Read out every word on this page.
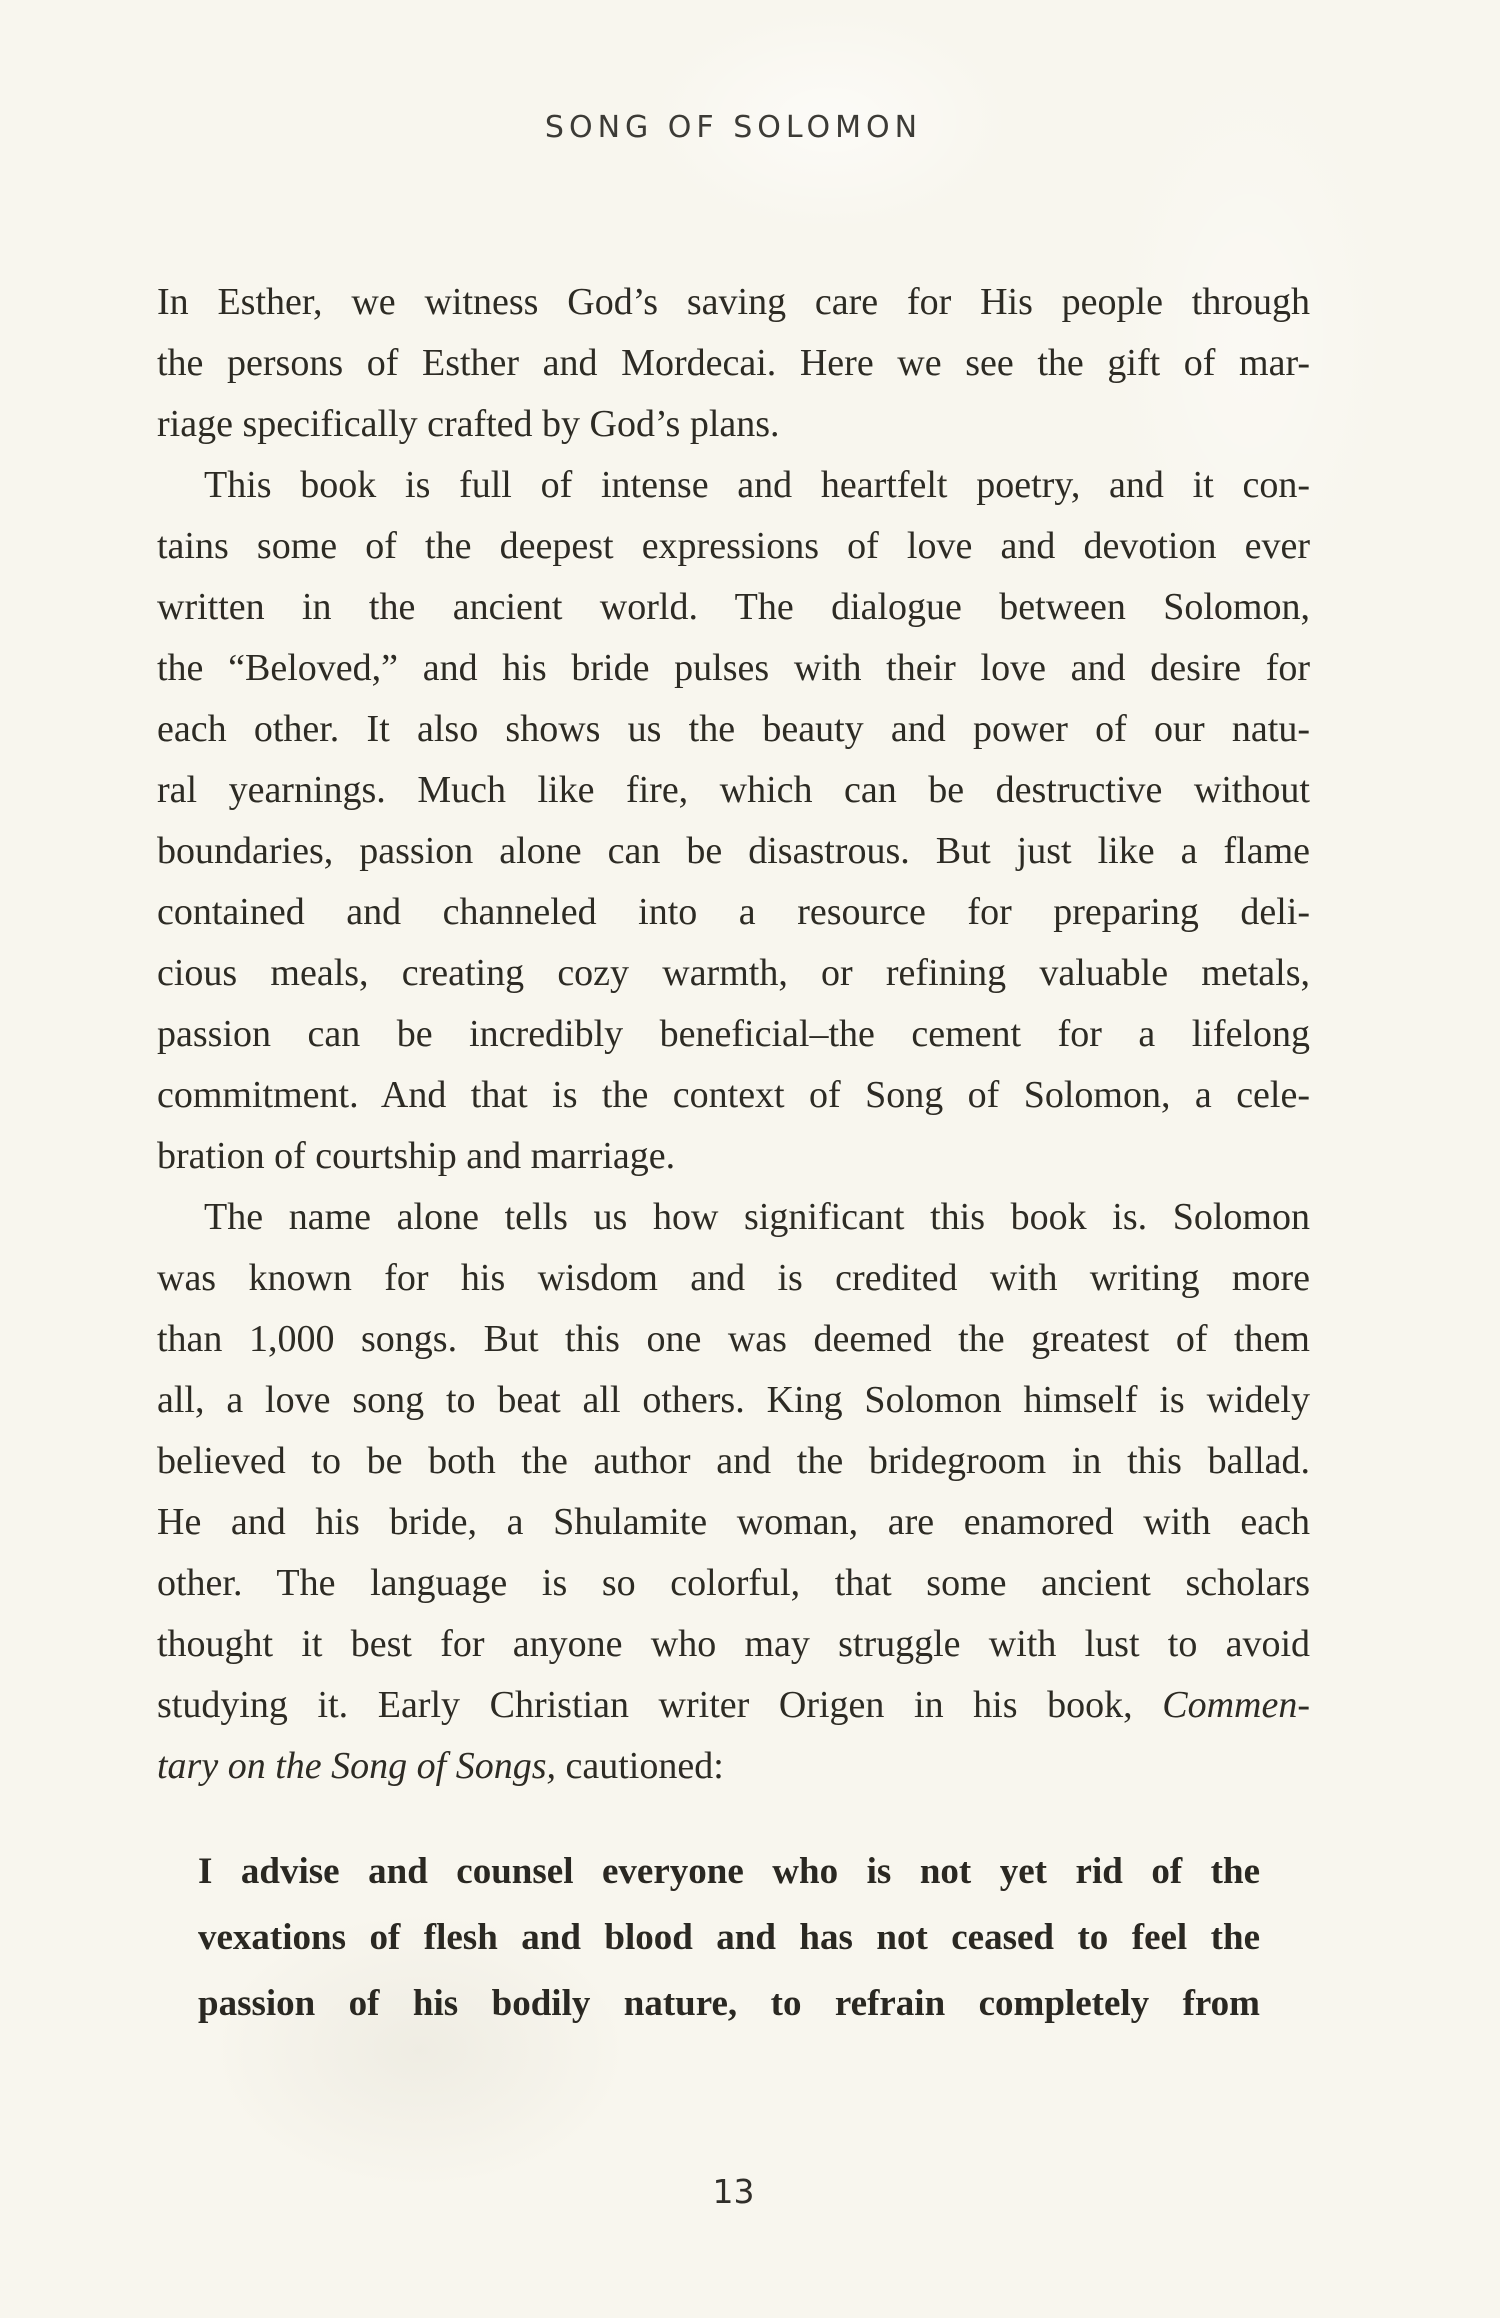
SONG OF SOLOMON
In Esther, we witness God’s saving care for His people through
the persons of Esther and Mordecai. Here we see the gift of mar-
riage specifically crafted by God’s plans.
This book is full of intense and heartfelt poetry, and it con-
tains some of the deepest expressions of love and devotion ever
written in the ancient world. The dialogue between Solomon,
the “Beloved,” and his bride pulses with their love and desire for
each other. It also shows us the beauty and power of our natu-
ral yearnings. Much like fire, which can be destructive without
boundaries, passion alone can be disastrous. But just like a flame
contained and channeled into a resource for preparing deli-
cious meals, creating cozy warmth, or refining valuable metals,
passion can be incredibly beneficial–the cement for a lifelong
commitment. And that is the context of Song of Solomon, a cele-
bration of courtship and marriage.
The name alone tells us how significant this book is. Solomon
was known for his wisdom and is credited with writing more
than 1,000 songs. But this one was deemed the greatest of them
all, a love song to beat all others. King Solomon himself is widely
believed to be both the author and the bridegroom in this ballad.
He and his bride, a Shulamite woman, are enamored with each
other. The language is so colorful, that some ancient scholars
thought it best for anyone who may struggle with lust to avoid
studying it. Early Christian writer Origen in his book, Commen-
tary on the Song of Songs, cautioned:
I advise and counsel everyone who is not yet rid of the
vexations of flesh and blood and has not ceased to feel the
passion of his bodily nature, to refrain completely from
13
